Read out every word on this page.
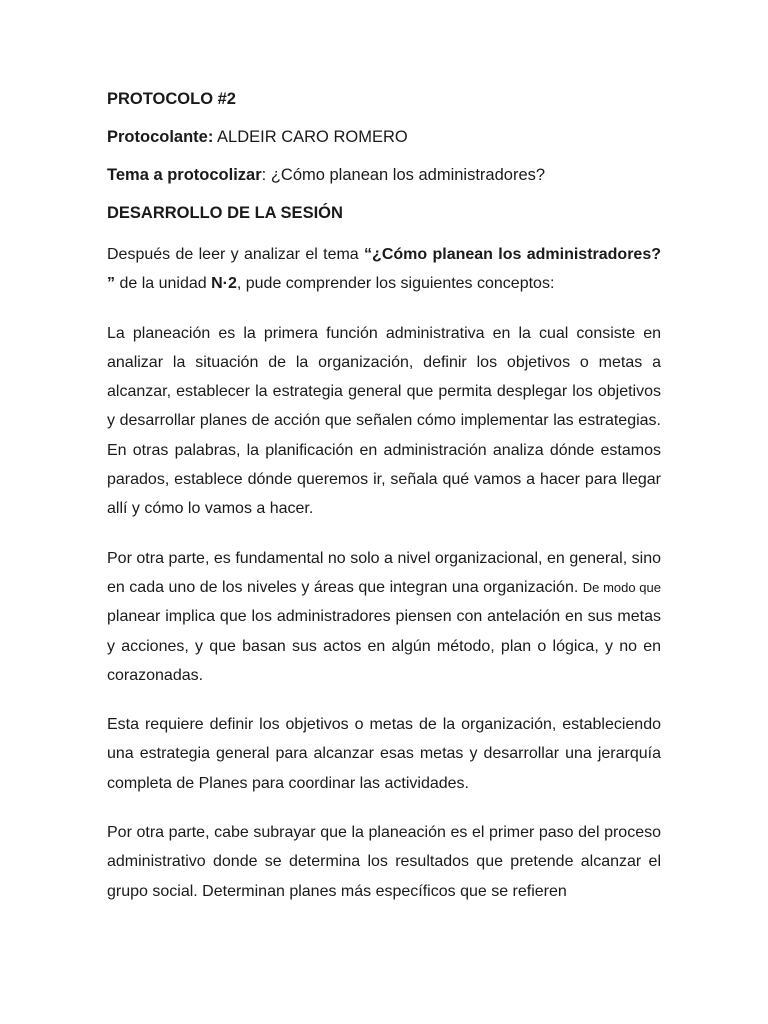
PROTOCOLO #2

Protocolante: ALDEIR CARO ROMERO

Tema a protocolizar: ¿Cómo planean los administradores?

DESARROLLO DE LA SESIÓN

Después de leer y analizar el tema “¿Cómo planean los administradores? ” de la unidad N·2, pude comprender los siguientes conceptos:

La planeación es la primera función administrativa en la cual consiste en analizar la situación de la organización, definir los objetivos o metas a alcanzar, establecer la estrategia general que permita desplegar los objetivos y desarrollar planes de acción que señalen cómo implementar las estrategias. En otras palabras, la planificación en administración analiza dónde estamos parados, establece dónde queremos ir, señala qué vamos a hacer para llegar allí y cómo lo vamos a hacer.

Por otra parte, es fundamental no solo a nivel organizacional, en general, sino en cada uno de los niveles y áreas que integran una organización. De modo que planear implica que los administradores piensen con antelación en sus metas y acciones, y que basan sus actos en algún método, plan o lógica, y no en corazonadas.

Esta requiere definir los objetivos o metas de la organización, estableciendo una estrategia general para alcanzar esas metas y desarrollar una jerarquía completa de Planes para coordinar las actividades.

Por otra parte, cabe subrayar que la planeación es el primer paso del proceso administrativo donde se determina los resultados que pretende alcanzar el grupo social. Determinan planes más específicos que se refieren
